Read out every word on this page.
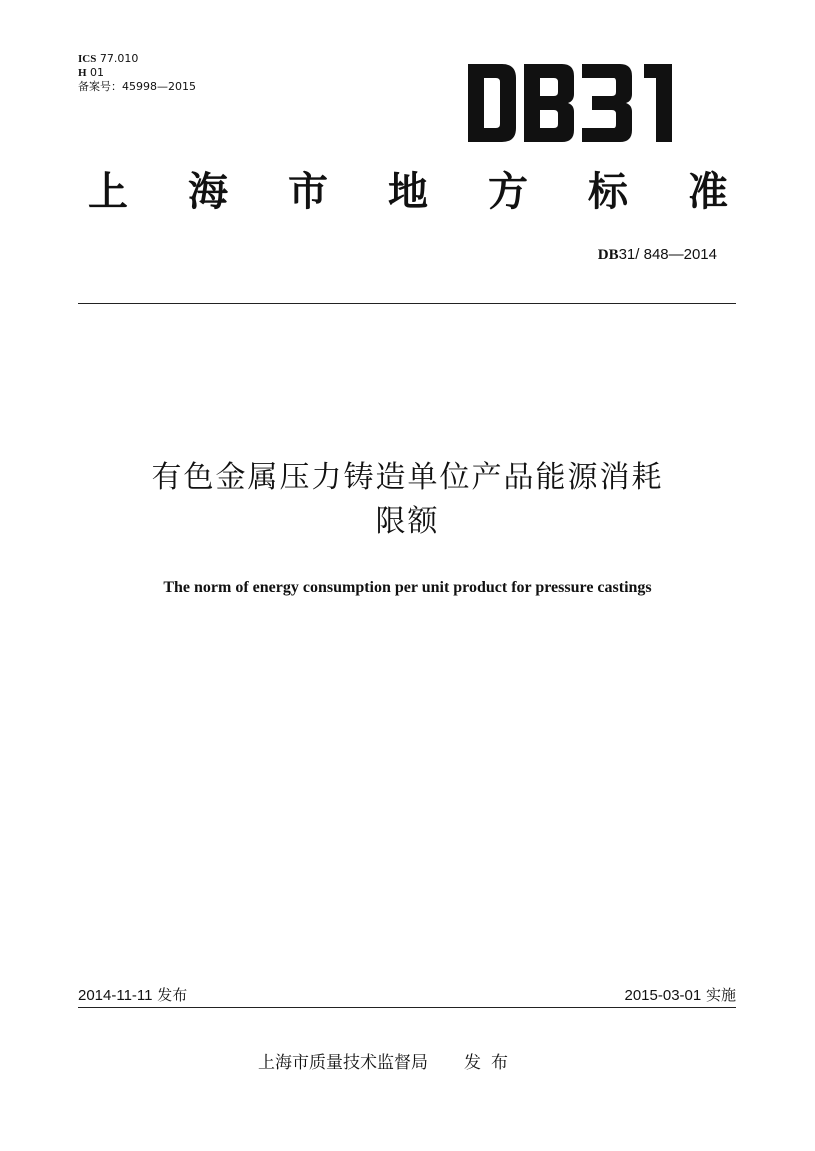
ICS 77.010
H 01
备案号：45998—2015
上 海 市 地 方 标 准
DB31/ 848—2014
有色金属压力铸造单位产品能源消耗
限额
The norm of energy consumption per unit product for pressure castings
2014-11-11 发布	2015-03-01 实施
上海市质量技术监督局 发布
